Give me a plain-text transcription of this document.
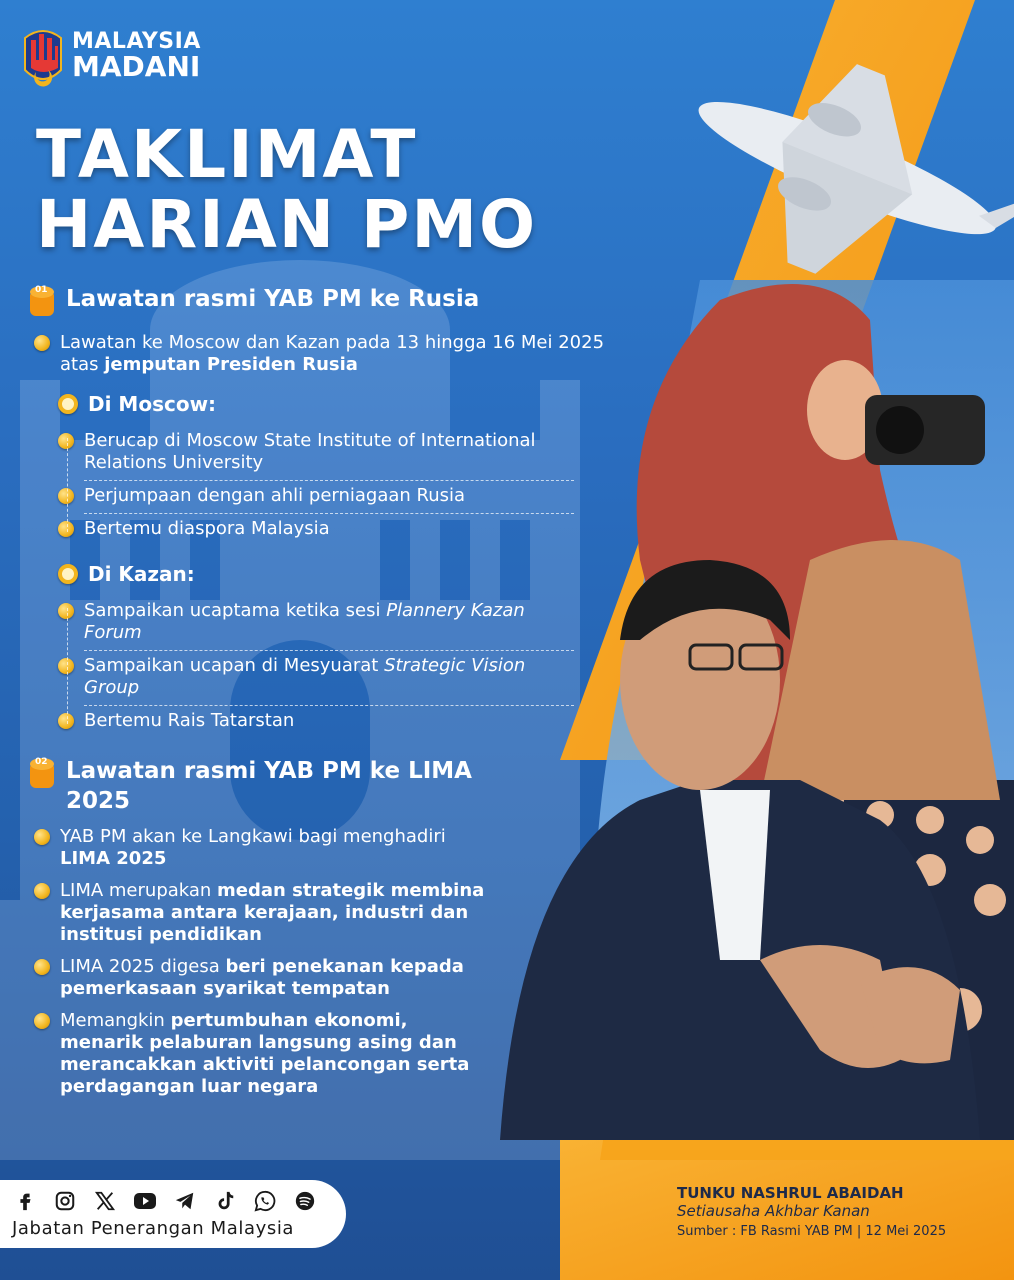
MALAYSIA
MADANI
TAKLIMAT
HARIAN PMO
01 Lawatan rasmi YAB PM ke Rusia
Lawatan ke Moscow dan Kazan pada 13 hingga 16 Mei 2025
atas jemputan Presiden Rusia
Di Moscow:
Berucap di Moscow State Institute of International Relations University
Perjumpaan dengan ahli perniagaan Rusia
Bertemu diaspora Malaysia
Di Kazan:
Sampaikan ucaptama ketika sesi Plannery Kazan Forum
Sampaikan ucapan di Mesyuarat Strategic Vision Group
Bertemu Rais Tatarstan
02 Lawatan rasmi YAB PM ke LIMA 2025
YAB PM akan ke Langkawi bagi menghadiri LIMA 2025
LIMA merupakan medan strategik membina kerjasama antara kerajaan, industri dan institusi pendidikan
LIMA 2025 digesa beri penekanan kepada pemerkasaan syarikat tempatan
Memangkin pertumbuhan ekonomi, menarik pelaburan langsung asing dan merancakkan aktiviti pelancongan serta perdagangan luar negara
Jabatan Penerangan Malaysia
TUNKU NASHRUL ABAIDAH
Setiausaha Akhbar Kanan
Sumber : FB Rasmi YAB PM | 12 Mei 2025
